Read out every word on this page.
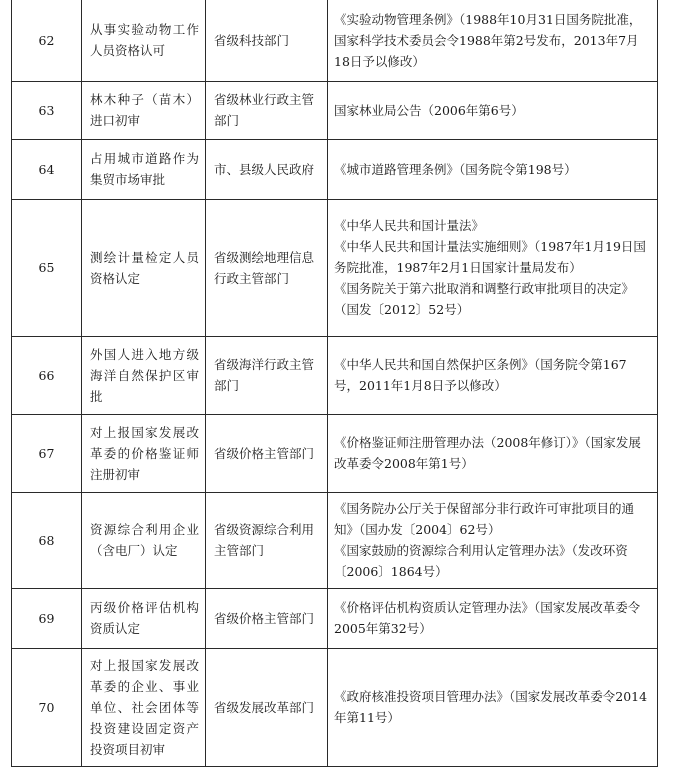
62	从事实验动物工作人员资格认可	省级科技部门	《实验动物管理条例》（1988年10月31日国务院批准，国家科学技术委员会令1988年第2号发布，2013年7月18日予以修改）

63	林木种子（苗木）进口初审	省级林业行政主管部门	国家林业局公告（2006年第6号）

64	占用城市道路作为集贸市场审批	市、县级人民政府	《城市道路管理条例》（国务院令第198号）

65	测绘计量检定人员资格认定	省级测绘地理信息行政主管部门	《中华人民共和国计量法》
《中华人民共和国计量法实施细则》（1987年1月19日国务院批准，1987年2月1日国家计量局发布）
《国务院关于第六批取消和调整行政审批项目的决定》（国发〔2012〕52号）

66	外国人进入地方级海洋自然保护区审批	省级海洋行政主管部门	《中华人民共和国自然保护区条例》（国务院令第167号，2011年1月8日予以修改）

67	对上报国家发展改革委的价格鉴证师注册初审	省级价格主管部门	《价格鉴证师注册管理办法（2008年修订）》（国家发展改革委令2008年第1号）

68	资源综合利用企业（含电厂）认定	省级资源综合利用主管部门	《国务院办公厅关于保留部分非行政许可审批项目的通知》（国办发〔2004〕62号）
《国家鼓励的资源综合利用认定管理办法》（发改环资〔2006〕1864号）

69	丙级价格评估机构资质认定	省级价格主管部门	《价格评估机构资质认定管理办法》（国家发展改革委令2005年第32号）

70	对上报国家发展改革委的企业、事业单位、社会团体等投资建设固定资产投资项目初审	省级发展改革部门	《政府核准投资项目管理办法》（国家发展改革委令2014年第11号）
